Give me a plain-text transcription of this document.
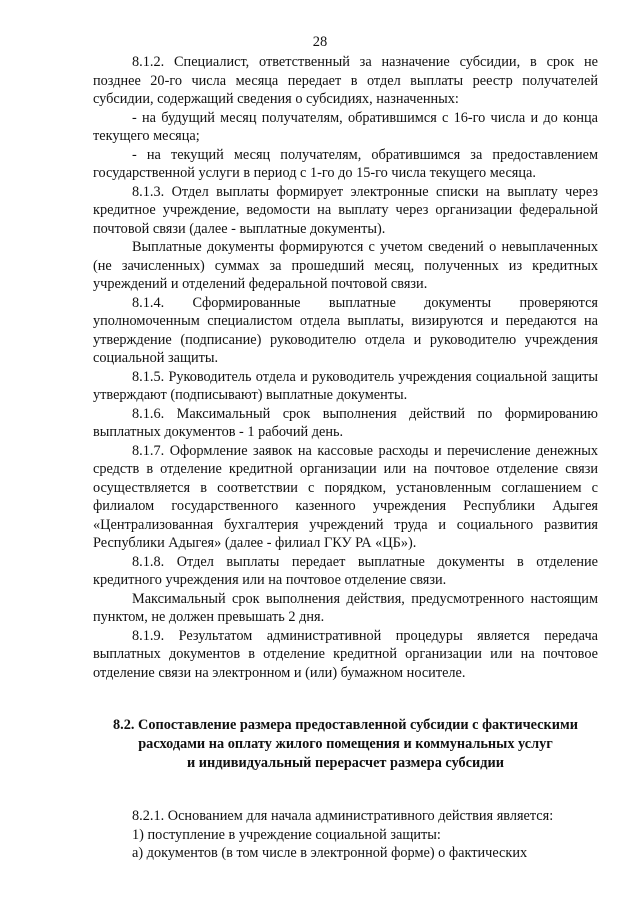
28

8.1.2. Специалист, ответственный за назначение субсидии, в срок не позднее 20-го числа месяца передает в отдел выплаты реестр получателей субсидии, содержащий сведения о субсидиях, назначенных:

- на будущий месяц получателям, обратившимся с 16-го числа и до конца текущего месяца;

- на текущий месяц получателям, обратившимся за предоставлением государственной услуги в период с 1-го до 15-го числа текущего месяца.

8.1.3. Отдел выплаты формирует электронные списки на выплату через кредитное учреждение, ведомости на выплату через организации федеральной почтовой связи (далее - выплатные документы).

Выплатные документы формируются с учетом сведений о невыплаченных (не зачисленных) суммах за прошедший месяц, полученных из кредитных учреждений и отделений федеральной почтовой связи.

8.1.4. Сформированные выплатные документы проверяются уполномоченным специалистом отдела выплаты, визируются и передаются на утверждение (подписание) руководителю отдела и руководителю учреждения социальной защиты.

8.1.5. Руководитель отдела и руководитель учреждения социальной защиты утверждают (подписывают) выплатные документы.

8.1.6. Максимальный срок выполнения действий по формированию выплатных документов - 1 рабочий день.

8.1.7. Оформление заявок на кассовые расходы и перечисление денежных средств в отделение кредитной организации или на почтовое отделение связи осуществляется в соответствии с порядком, установленным соглашением с филиалом государственного казенного учреждения Республики Адыгея «Централизованная бухгалтерия учреждений труда и социального развития Республики Адыгея» (далее - филиал ГКУ РА «ЦБ»).

8.1.8. Отдел выплаты передает выплатные документы в отделение кредитного учреждения или на почтовое отделение связи.

Максимальный срок выполнения действия, предусмотренного настоящим пунктом, не должен превышать 2 дня.

8.1.9. Результатом административной процедуры является передача выплатных документов в отделение кредитной организации или на почтовое отделение связи на электронном и (или) бумажном носителе.

8.2. Сопоставление размера предоставленной субсидии с фактическими
расходами на оплату жилого помещения и коммунальных услуг
и индивидуальный перерасчет размера субсидии

8.2.1. Основанием для начала административного действия является:

1) поступление в учреждение социальной защиты:

а) документов (в том числе в электронной форме) о фактических
